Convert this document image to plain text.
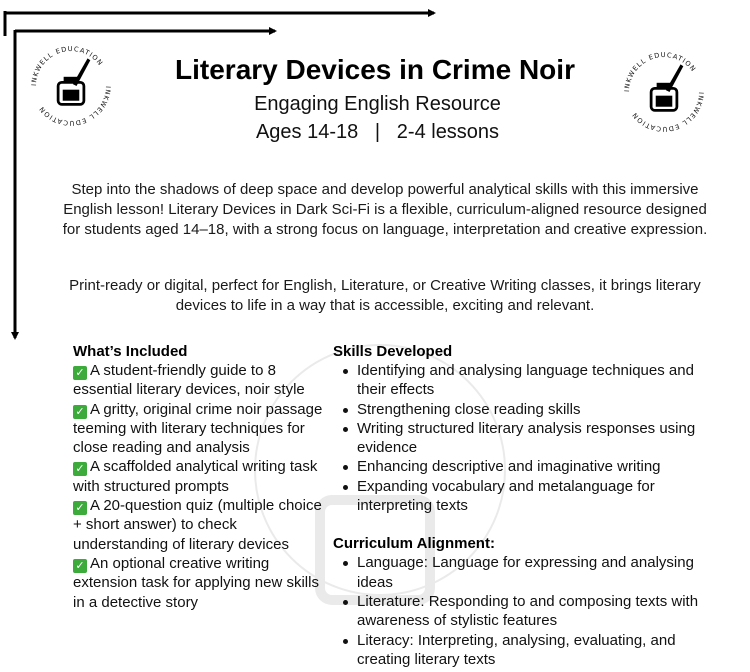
INKWELL EDUCATION
INKWELL EDUCATION
INKWELL EDUCATION
INKWELL EDUCATION
Literary Devices in Crime Noir
Engaging English Resource
Ages 14-18 | 2-4 lessons
Step into the shadows of deep space and develop powerful analytical skills with this immersive English lesson! Literary Devices in Dark Sci-Fi is a flexible, curriculum-aligned resource designed for students aged 14–18, with a strong focus on language, interpretation and creative expression.
Print-ready or digital, perfect for English, Literature, or Creative Writing classes, it brings literary devices to life in a way that is accessible, exciting and relevant.
What’s Included
✓ A student-friendly guide to 8 essential literary devices, noir style
✓ A gritty, original crime noir passage teeming with literary techniques for close reading and analysis
✓ A scaffolded analytical writing task with structured prompts
✓ A 20-question quiz (multiple choice + short answer) to check understanding of literary devices
✓ An optional creative writing extension task for applying new skills in a detective story
Skills Developed
Identifying and analysing language techniques and their effects
Strengthening close reading skills
Writing structured literary analysis responses using evidence
Enhancing descriptive and imaginative writing
Expanding vocabulary and metalanguage for interpreting texts
Curriculum Alignment:
Language: Language for expressing and analysing ideas
Literature: Responding to and composing texts with awareness of stylistic features
Literacy: Interpreting, analysing, evaluating, and creating literary texts
